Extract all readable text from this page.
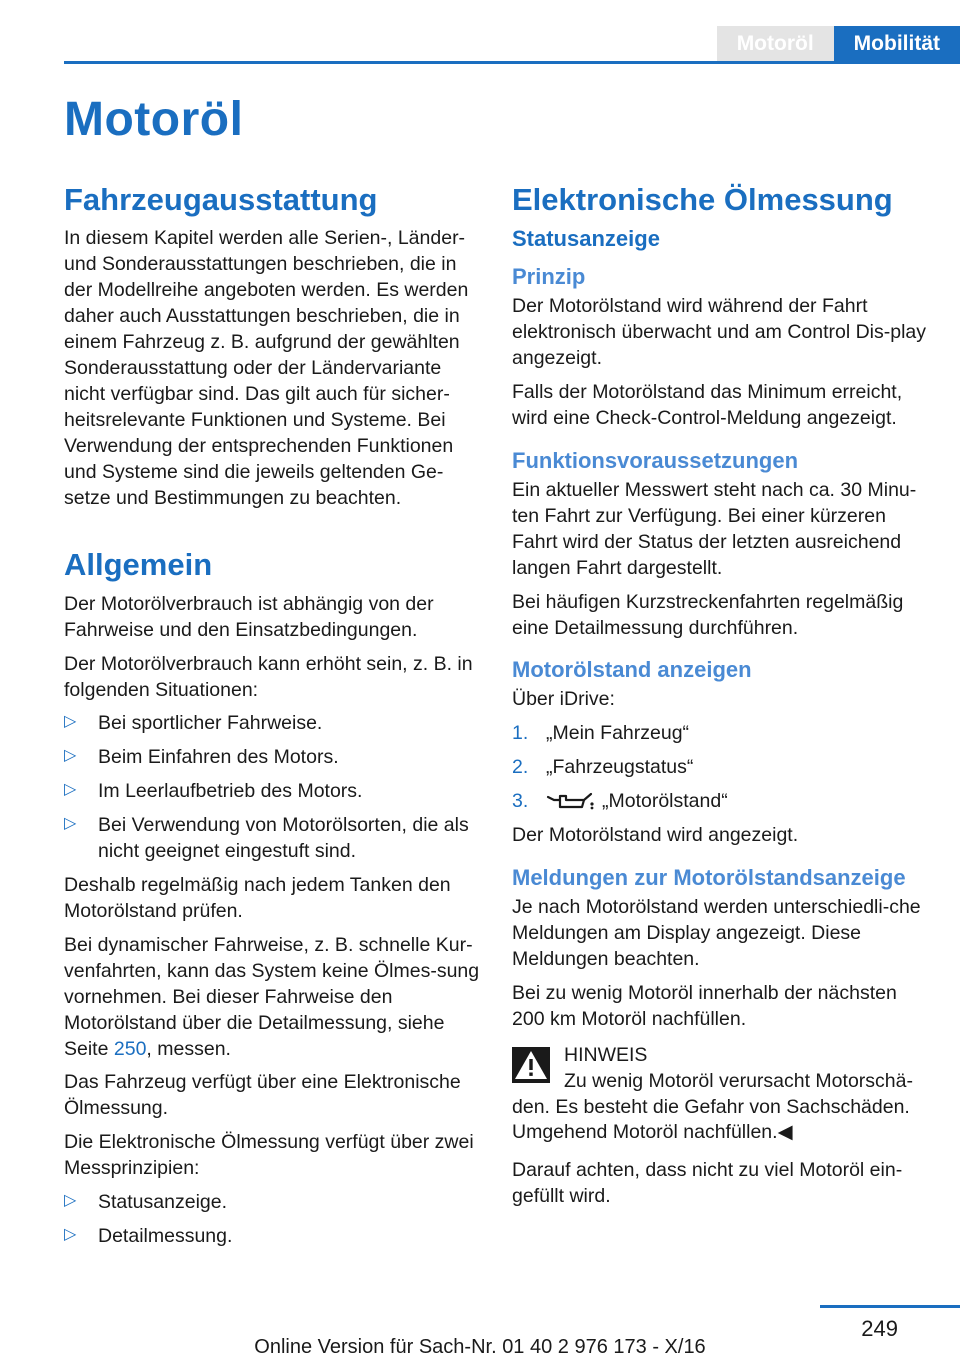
Motoröl	Mobilität
Motoröl
Fahrzeugausstattung

In diesem Kapitel werden alle Serien-, Länder- und Sonderausstattungen beschrieben, die in der Modellreihe angeboten werden. Es werden daher auch Ausstattungen beschrieben, die in einem Fahrzeug z. B. aufgrund der gewählten Sonderausstattung oder der Ländervariante nicht verfügbar sind. Das gilt auch für sicher-heitsrelevante Funktionen und Systeme. Bei Verwendung der entsprechenden Funktionen und Systeme sind die jeweils geltenden Ge-setze und Bestimmungen zu beachten.

Allgemein

Der Motorölverbrauch ist abhängig von der Fahrweise und den Einsatzbedingungen.

Der Motorölverbrauch kann erhöht sein, z. B. in folgenden Situationen:

▷ Bei sportlicher Fahrweise.
▷ Beim Einfahren des Motors.
▷ Im Leerlaufbetrieb des Motors.
▷ Bei Verwendung von Motorölsorten, die als nicht geeignet eingestuft sind.

Deshalb regelmäßig nach jedem Tanken den Motorölstand prüfen.

Bei dynamischer Fahrweise, z. B. schnelle Kur-venfahrten, kann das System keine Ölmes-sung vornehmen. Bei dieser Fahrweise den Motorölstand über die Detailmessung, siehe Seite 250, messen.

Das Fahrzeug verfügt über eine Elektronische Ölmessung.

Die Elektronische Ölmessung verfügt über zwei Messprinzipien:

▷ Statusanzeige.
▷ Detailmessung.
Elektronische Ölmessung
Statusanzeige
Prinzip

Der Motorölstand wird während der Fahrt elektronisch überwacht und am Control Dis-play angezeigt.

Falls der Motorölstand das Minimum erreicht, wird eine Check-Control-Meldung angezeigt.

Funktionsvoraussetzungen

Ein aktueller Messwert steht nach ca. 30 Minu-ten Fahrt zur Verfügung. Bei einer kürzeren Fahrt wird der Status der letzten ausreichend langen Fahrt dargestellt.

Bei häufigen Kurzstreckenfahrten regelmäßig eine Detailmessung durchführen.

Motorölstand anzeigen

Über iDrive:

1. „Mein Fahrzeug“
2. „Fahrzeugstatus“
3.	„Motorölstand“

Der Motorölstand wird angezeigt.

Meldungen zur Motorölstandsanzeige

Je nach Motorölstand werden unterschiedli-che Meldungen am Display angezeigt. Diese Meldungen beachten.

Bei zu wenig Motoröl innerhalb der nächsten 200 km Motoröl nachfüllen.

HINWEIS

Zu wenig Motoröl verursacht Motorschä-den. Es besteht die Gefahr von Sachschäden. Umgehend Motoröl nachfüllen.◀

Darauf achten, dass nicht zu viel Motoröl ein-gefüllt wird.

249
Online Version für Sach-Nr. 01 40 2 976 173 - X/16
